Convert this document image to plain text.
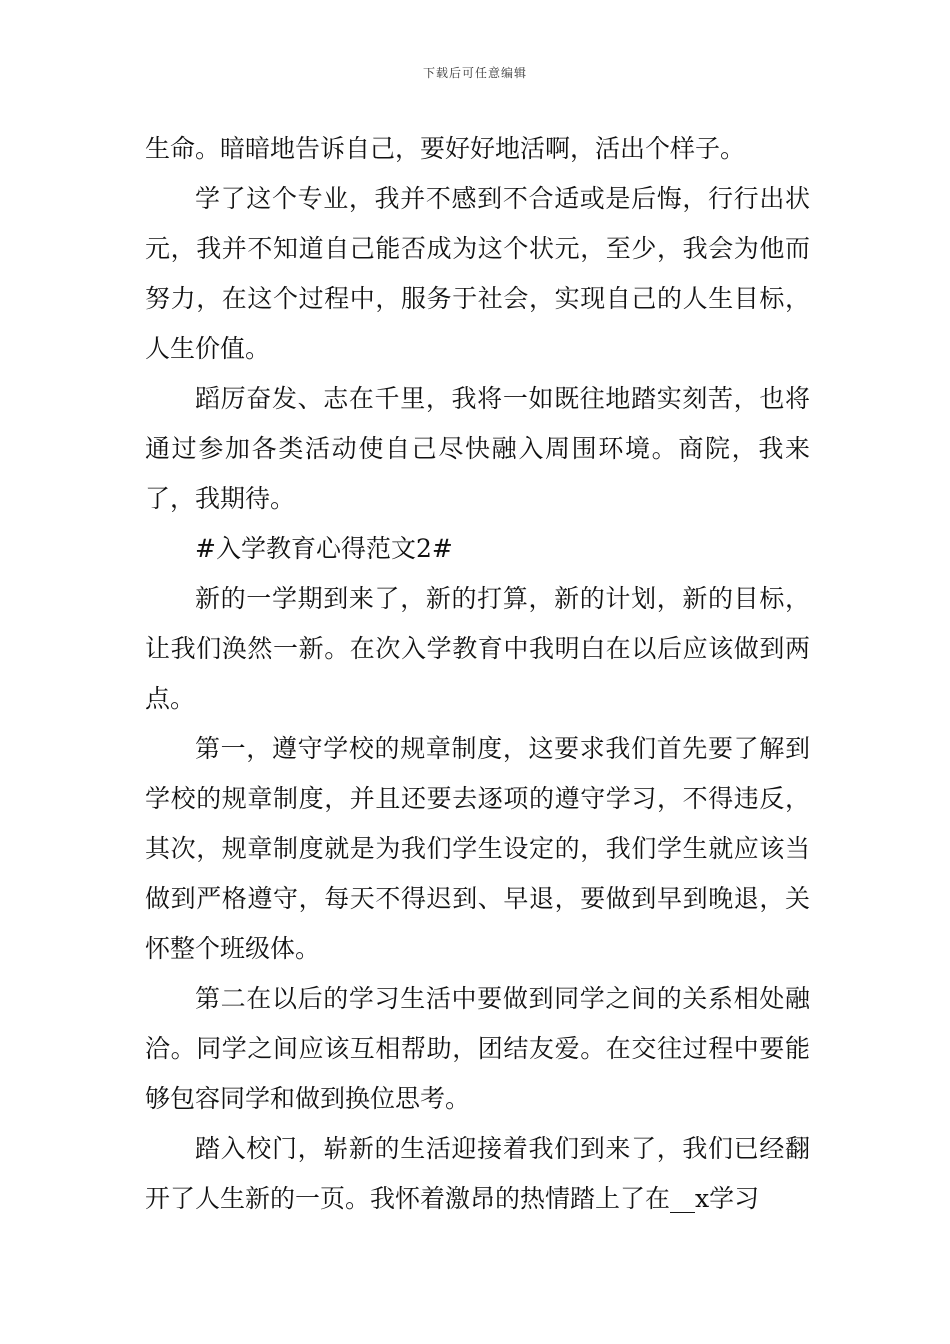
下载后可任意编辑

生命。暗暗地告诉自己，要好好地活啊，活出个样子。

学了这个专业，我并不感到不合适或是后悔，行行出状元，我并不知道自己能否成为这个状元，至少，我会为他而努力，在这个过程中，服务于社会，实现自己的人生目标，人生价值。

蹈厉奋发、志在千里，我将一如既往地踏实刻苦，也将通过参加各类活动使自己尽快融入周围环境。商院，我来了，我期待。

#入学教育心得范文2#

新的一学期到来了，新的打算，新的计划，新的目标，让我们涣然一新。在次入学教育中我明白在以后应该做到两点。

第一，遵守学校的规章制度，这要求我们首先要了解到学校的规章制度，并且还要去逐项的遵守学习，不得违反，其次，规章制度就是为我们学生设定的，我们学生就应该当做到严格遵守，每天不得迟到、早退，要做到早到晚退，关怀整个班级体。

第二在以后的学习生活中要做到同学之间的关系相处融洽。同学之间应该互相帮助，团结友爱。在交往过程中要能够包容同学和做到换位思考。

踏入校门，崭新的生活迎接着我们到来了，我们已经翻开了人生新的一页。我怀着激昂的热情踏上了在__x学习
